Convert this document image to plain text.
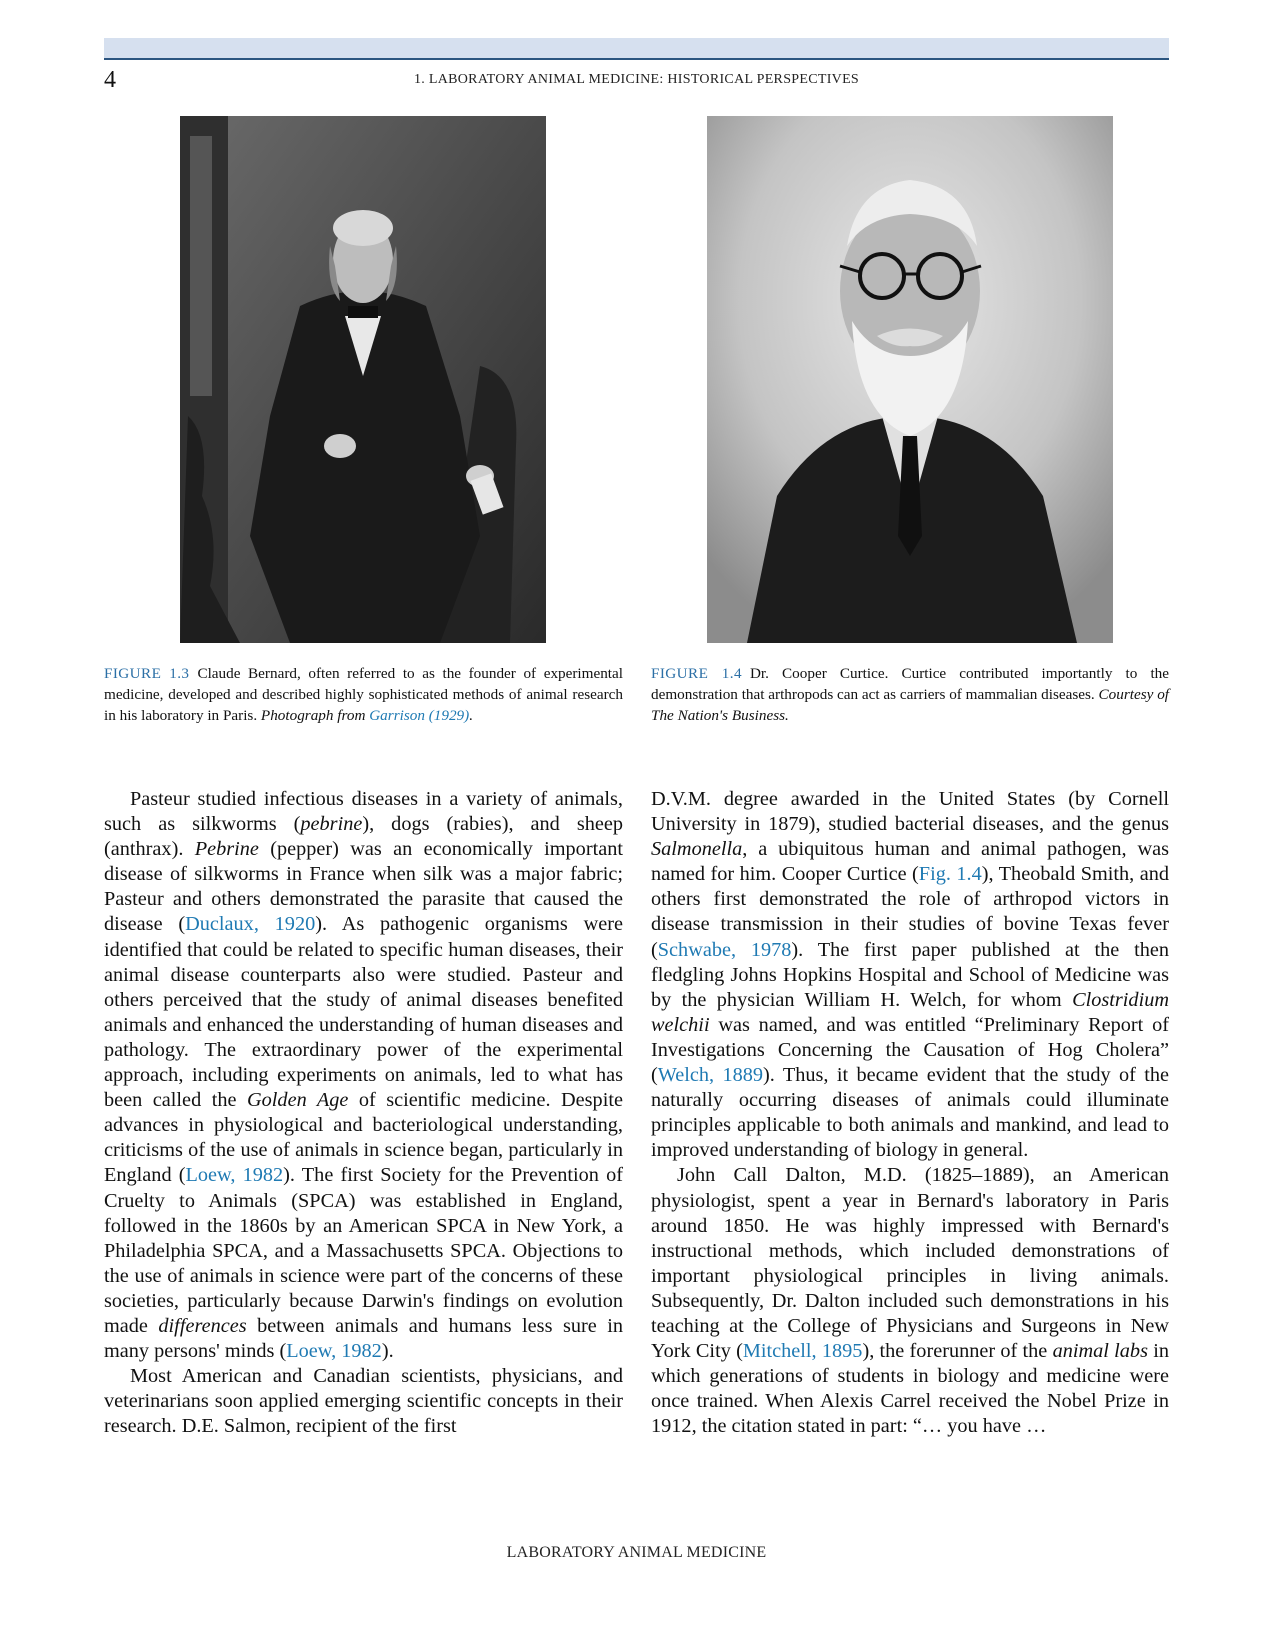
4	1. LABORATORY ANIMAL MEDICINE: HISTORICAL PERSPECTIVES
FIGURE 1.3 Claude Bernard, often referred to as the founder of experimental medicine, developed and described highly sophisticated methods of animal research in his laboratory in Paris. Photograph from Garrison (1929).
FIGURE 1.4 Dr. Cooper Curtice. Curtice contributed importantly to the demonstration that arthropods can act as carriers of mammalian diseases. Courtesy of The Nation's Business.

Pasteur studied infectious diseases in a variety of animals, such as silkworms (pebrine), dogs (rabies), and sheep (anthrax). Pebrine (pepper) was an economically important disease of silkworms in France when silk was a major fabric; Pasteur and others demonstrated the parasite that caused the disease (Duclaux, 1920). As pathogenic organisms were identified that could be related to specific human diseases, their animal disease counterparts also were studied. Pasteur and others perceived that the study of animal diseases benefited animals and enhanced the understanding of human diseases and pathology. The extraordinary power of the experimental approach, including experiments on animals, led to what has been called the Golden Age of scientific medicine. Despite advances in physiological and bacteriological understanding, criticisms of the use of animals in science began, particularly in England (Loew, 1982). The first Society for the Prevention of Cruelty to Animals (SPCA) was established in England, followed in the 1860s by an American SPCA in New York, a Philadelphia SPCA, and a Massachusetts SPCA. Objections to the use of animals in science were part of the concerns of these societies, particularly because Darwin's findings on evolution made differences between animals and humans less sure in many persons' minds (Loew, 1982).

Most American and Canadian scientists, physicians, and veterinarians soon applied emerging scientific concepts in their research. D.E. Salmon, recipient of the first

D.V.M. degree awarded in the United States (by Cornell University in 1879), studied bacterial diseases, and the genus Salmonella, a ubiquitous human and animal pathogen, was named for him. Cooper Curtice (Fig. 1.4), Theobald Smith, and others first demonstrated the role of arthropod victors in disease transmission in their studies of bovine Texas fever (Schwabe, 1978). The first paper published at the then fledgling Johns Hopkins Hospital and School of Medicine was by the physician William H. Welch, for whom Clostridium welchii was named, and was entitled “Preliminary Report of Investigations Concerning the Causation of Hog Cholera” (Welch, 1889). Thus, it became evident that the study of the naturally occurring diseases of animals could illuminate principles applicable to both animals and mankind, and lead to improved understanding of biology in general.

John Call Dalton, M.D. (1825–1889), an American physiologist, spent a year in Bernard's laboratory in Paris around 1850. He was highly impressed with Bernard's instructional methods, which included demonstrations of important physiological principles in living animals. Subsequently, Dr. Dalton included such demonstrations in his teaching at the College of Physicians and Surgeons in New York City (Mitchell, 1895), the forerunner of the animal labs in which generations of students in biology and medicine were once trained. When Alexis Carrel received the Nobel Prize in 1912, the citation stated in part: “… you have …

LABORATORY ANIMAL MEDICINE
